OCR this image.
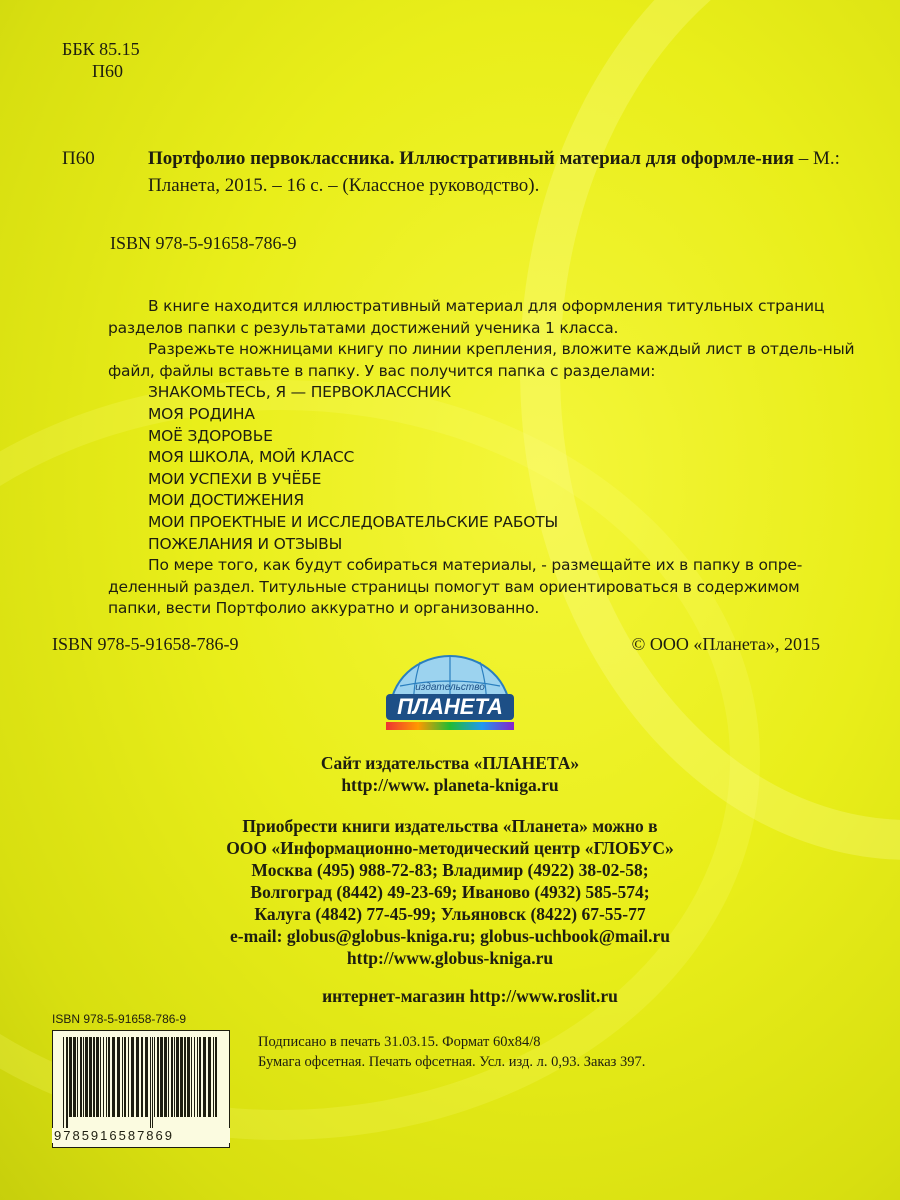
ББК 85.15
П60
П60	Портфолио первоклассника. Иллюстративный материал для оформле-ния – М.: Планета, 2015. – 16 с. – (Классное руководство).
ISBN 978-5-91658-786-9

В книге находится иллюстративный материал для оформления титульных страниц разделов папки с результатами достижений ученика 1 класса.

Разрежьте ножницами книгу по линии крепления, вложите каждый лист в отдель-ный файл, файлы вставьте в папку. У вас получится папка с разделами:

ЗНАКОМЬТЕСЬ, Я — ПЕРВОКЛАССНИК
МОЯ РОДИНА
МОЁ ЗДОРОВЬЕ
МОЯ ШКОЛА, МОЙ КЛАСС
МОИ УСПЕХИ В УЧЁБЕ
МОИ ДОСТИЖЕНИЯ
МОИ ПРОЕКТНЫЕ И ИССЛЕДОВАТЕЛЬСКИЕ РАБОТЫ
ПОЖЕЛАНИЯ И ОТЗЫВЫ

По мере того, как будут собираться материалы, - размещайте их в папку в опре-деленный раздел. Титульные страницы помогут вам ориентироваться в содержимом папки, вести Портфолио аккуратно и организованно.

ISBN 978-5-91658-786-9	© ООО «Планета», 2015
издательство
ПЛАНЕТА
Сайт издательства «ПЛАНЕТА»
http://www. planeta-kniga.ru
Приобрести книги издательства «Планета» можно в
ООО «Информационно-методический центр «ГЛОБУС»
Москва (495) 988-72-83; Владимир (4922) 38-02-58;
Волгоград (8442) 49-23-69; Иваново (4932) 585-574;
Калуга (4842) 77-45-99; Ульяновск (8422) 67-55-77
e-mail: globus@globus-kniga.ru; globus-uchbook@mail.ru
http://www.globus-kniga.ru
интернет-магазин http://www.roslit.ru
ISBN 978-5-91658-786-9
9785916587869
Подписано в печать 31.03.15. Формат 60х84/8
Бумага офсетная. Печать офсетная. Усл. изд. л. 0,93. Заказ 397.
